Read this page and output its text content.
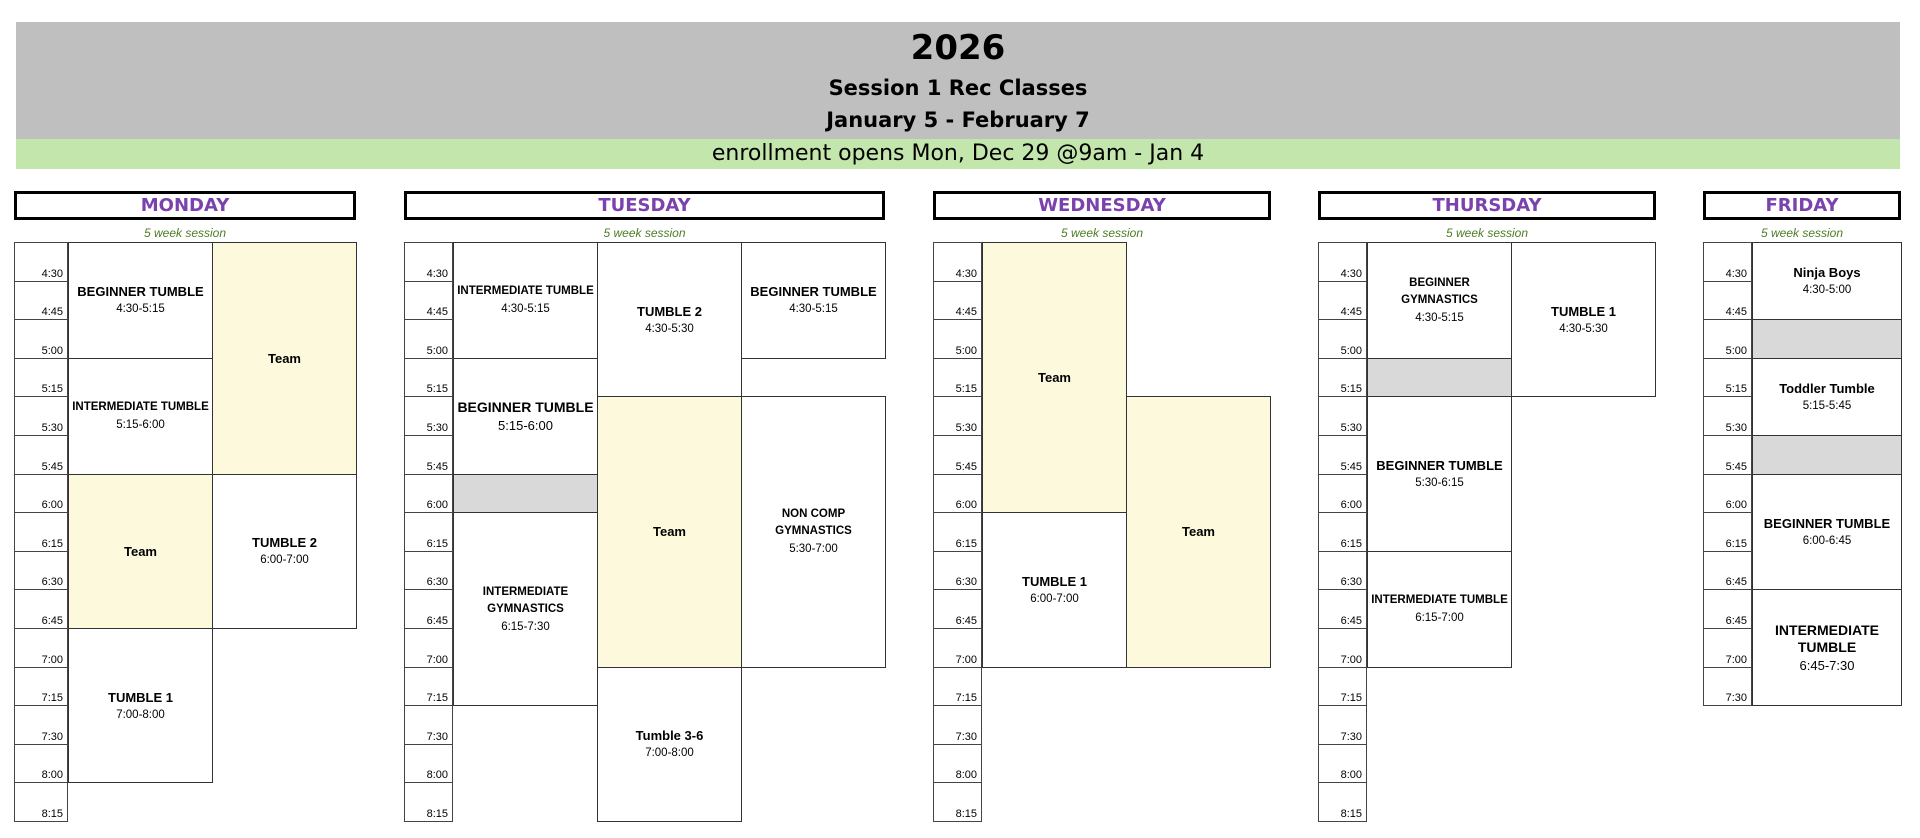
2026
Session 1 Rec Classes
January 5 - February 7
enrollment opens Mon, Dec 29 @9am - Jan 4
MONDAY
5 week session
4:30
4:45
5:00
5:15
5:30
5:45
6:00
6:15
6:30
6:45
7:00
7:15
7:30
8:00
8:15
BEGINNER TUMBLE
4:30-5:15
Team
INTERMEDIATE TUMBLE
5:15-6:00
Team
TUMBLE 2
6:00-7:00
TUMBLE 1
7:00-8:00
TUESDAY
5 week session
4:30
4:45
5:00
5:15
5:30
5:45
6:00
6:15
6:30
6:45
7:00
7:15
7:30
8:00
8:15
INTERMEDIATE TUMBLE
4:30-5:15	TUMBLE 2
4:30-5:30
BEGINNER TUMBLE
4:30-5:15
BEGINNER TUMBLE
5:15-6:00
Team
NON COMP GYMNASTICS
5:30-7:00
INTERMEDIATE GYMNASTICS
6:15-7:30
Tumble 3-6
7:00-8:00
WEDNESDAY
5 week session
4:30
4:45
5:00
5:15
5:30
5:45
6:00
6:15
6:30
6:45
7:00
7:15
7:30
8:00
8:15
Team
Team
TUMBLE 1
6:00-7:00
THURSDAY
5 week session
4:30
4:45
5:00
5:15
5:30
5:45
6:00
6:15
6:30
6:45
7:00
7:15
7:30
8:00
8:15
BEGINNER GYMNASTICS
4:30-5:15	TUMBLE 1
4:30-5:30
BEGINNER TUMBLE
5:30-6:15
INTERMEDIATE TUMBLE
6:15-7:00
FRIDAY
5 week session
4:30
4:45
5:00
5:15
5:30
5:45
6:00
6:15
6:45
6:45
7:00
7:30
Ninja Boys
4:30-5:00
Toddler Tumble
5:15-5:45
BEGINNER TUMBLE
6:00-6:45
INTERMEDIATE TUMBLE
6:45-7:30
